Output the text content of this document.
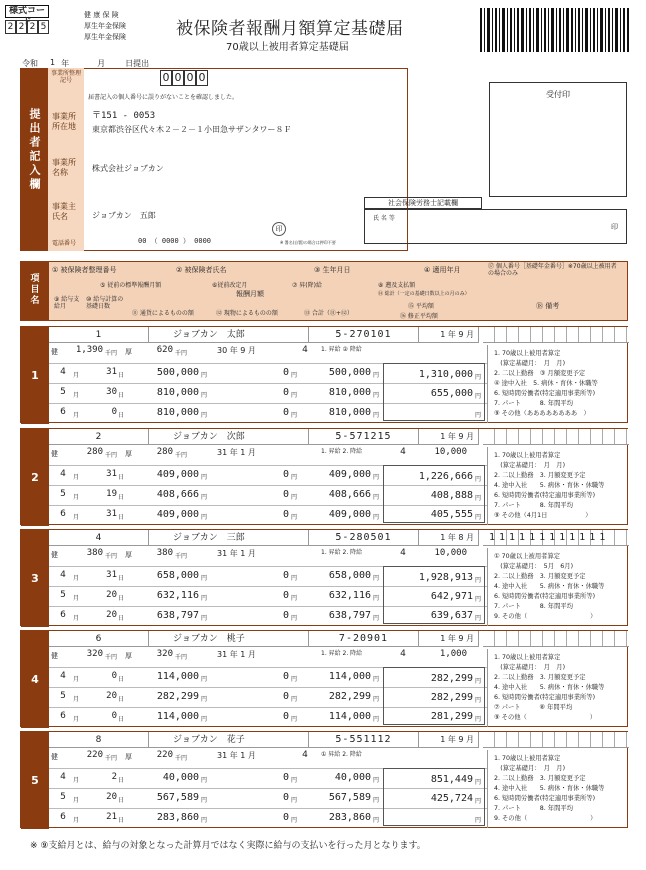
様式コード
2 2 2 5
健 康 保 険
厚生年金保険
厚生年金保険	被保険者報酬月額算定基礎届
70歳以上被用者算定基礎届
令和 1 年	月	日提出
提出者記入欄
事業所整理記号	0 0 0 0
届書記入の個人番号に誤りがないことを確認しました。
事業所所在地
〒151 - 0053
東京都渋谷区代々木２－２－１小田急サザンタワー８Ｆ
事業所名称	株式会社ジョブカン
事業主氏名	ジョブカン　五郎
印
※ 署名(自署)の場合は押印不要
電話番号	00 （ 0000 ） 0000
受付印
社会保険労務士記載欄
氏 名 等
印
項目名
① 被保険者整理番号	② 被保険者氏名	③ 生年月日	④ 適用年月	⑰ 個人番号［基礎年金番号］※70歳以上被用者の場合のみ
⑤ 従前の標準報酬月額	⑥従前改定月	⑦ 昇(降)給	⑧ 遡及支払額
⑨ 給与支給月
⑩ 給与計算の基礎日数
報酬月額
⑪ 通貨によるものの額	⑫ 現物によるものの額	⑬ 合計（⑪+⑫）
⑭ 総計（一定の基礎日数以上の月のみ）
⑮ 平均額
⑯ 修正平均額
⑱ 備考
1
1	ジョブカン　太郎	5-270101	1 年 9 月
健	1,390 千円 厚	620 千円	30 年 9 月	4	1. 昇給 ② 降給
4	月	31 日	500,000 円	0 円	500,000 円
5	月	30 日	810,000 円	0 円	810,000 円
6	月	0 日	810,000 円	0 円	810,000 円
1,310,000 円
655,000 円
円
1. 70歳以上被用者算定
　(算定基礎月：　月　月)
2. 二以上勤務　③ 月額変更予定
④ 途中入社　5. 病休・育休・休職等
6. 短時間労働者(特定適用事業所等)
7. パート　　　8. 年間平均
⑨ その他（ああああああああ　）
2
2	ジョブカン　次郎	5-571215	1 年 9 月
健	280 千円 厚	280 千円	31 年 1 月	1. 昇給 2. 降給	4	10,000
4	月	31 日	409,000 円	0 円	409,000 円
5	月	19 日	408,666 円	0 円	408,666 円
6	月	31 日	409,000 円	0 円	409,000 円
1,226,666 円
408,888 円
405,555 円
1. 70歳以上被用者算定
　(算定基礎月：　月　月)
2. 二以上勤務　3. 月額変更予定
4. 途中入社　　5. 病休・育休・休職等
6. 短時間労働者(特定適用事業所等)
7. パート　　　8. 年間平均
⑨ その他（4月1日　　　　　　）
3
4	ジョブカン　三郎	5-280501	1 年 8 月	111111111111
健	380 千円 厚	380 千円	31 年 1 月	1. 昇給 2. 降給	4	10,000
4	月	31 日	658,000 円	0 円	658,000 円
5	月	20 日	632,116 円	0 円	632,116 円
6	月	20 日	638,797 円	0 円	638,797 円
1,928,913 円
642,971 円
639,637 円
① 70歳以上被用者算定
　(算定基礎月：　5月　6月)
2. 二以上勤務　3. 月額変更予定
4. 途中入社　　5. 病休・育休・休職等
6. 短時間労働者(特定適用事業所等)
7. パート　　　8. 年間平均
9. その他（　　　　　　　　　　）
4
6	ジョブカン　桃子	7-20901	1 年 9 月
健	320 千円 厚	320 千円	31 年 1 月	1. 昇給 2. 降給	4	1,000
4	月	0 日	114,000 円	0 円	114,000 円
5	月	20 日	282,299 円	0 円	282,299 円
6	月	0 日	114,000 円	0 円	114,000 円
282,299 円
282,299 円
281,299 円
1. 70歳以上被用者算定
　(算定基礎月：　月　月)
2. 二以上勤務　3. 月額変更予定
4. 途中入社　　5. 病休・育休・休職等
6. 短時間労働者(特定適用事業所等)
⑦ パート　　　⑧ 年間平均
⑨ その他（　　　　　　　　　　）
5
8	ジョブカン　花子	5-551112	1 年 9 月
健	220 千円 厚	220 千円	31 年 1 月	4	① 昇給 2. 降給
4	月	2 日	40,000 円	0 円	40,000 円
5	月	20 日	567,589 円	0 円	567,589 円
6	月	21 日	283,860 円	0 円	283,860 円
851,449 円
425,724 円
円
1. 70歳以上被用者算定
　(算定基礎月：　月　月)
2. 二以上勤務　3. 月額変更予定
4. 途中入社　　5. 病休・育休・休職等
6. 短時間労働者(特定適用事業所等)
7. パート　　　8. 年間平均
9. その他（　　　　　　　　　　）
※ ⑨支給月とは、給与の対象となった計算月ではなく実際に給与の支払いを行った月となります。
